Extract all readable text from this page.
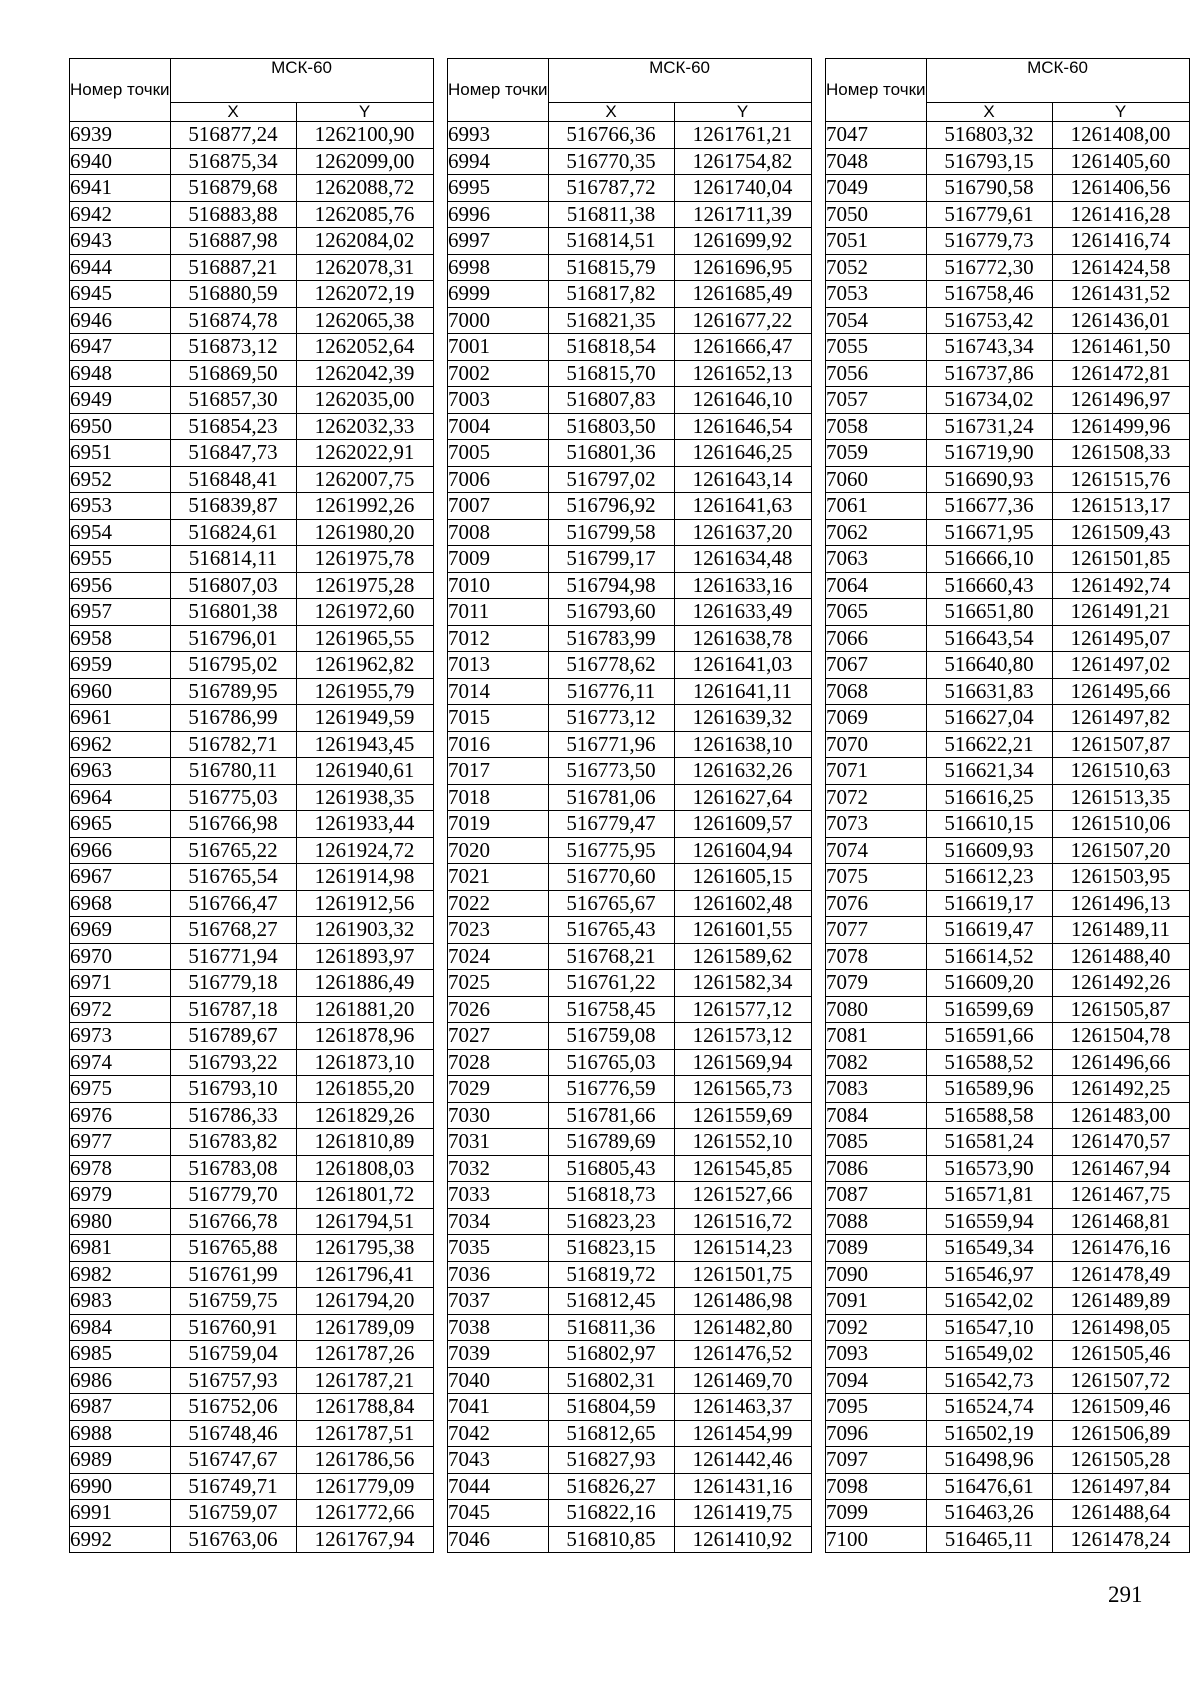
Номер точки	МСК-60	
	X	Y
6939	516877,24	1262100,90
6940	516875,34	1262099,00
6941	516879,68	1262088,72
6942	516883,88	1262085,76
6943	516887,98	1262084,02
6944	516887,21	1262078,31
6945	516880,59	1262072,19
6946	516874,78	1262065,38
6947	516873,12	1262052,64
6948	516869,50	1262042,39
6949	516857,30	1262035,00
6950	516854,23	1262032,33
6951	516847,73	1262022,91
6952	516848,41	1262007,75
6953	516839,87	1261992,26
6954	516824,61	1261980,20
6955	516814,11	1261975,78
6956	516807,03	1261975,28
6957	516801,38	1261972,60
6958	516796,01	1261965,55
6959	516795,02	1261962,82
6960	516789,95	1261955,79
6961	516786,99	1261949,59
6962	516782,71	1261943,45
6963	516780,11	1261940,61
6964	516775,03	1261938,35
6965	516766,98	1261933,44
6966	516765,22	1261924,72
6967	516765,54	1261914,98
6968	516766,47	1261912,56
6969	516768,27	1261903,32
6970	516771,94	1261893,97
6971	516779,18	1261886,49
6972	516787,18	1261881,20
6973	516789,67	1261878,96
6974	516793,22	1261873,10
6975	516793,10	1261855,20
6976	516786,33	1261829,26
6977	516783,82	1261810,89
6978	516783,08	1261808,03
6979	516779,70	1261801,72
6980	516766,78	1261794,51
6981	516765,88	1261795,38
6982	516761,99	1261796,41
6983	516759,75	1261794,20
6984	516760,91	1261789,09
6985	516759,04	1261787,26
6986	516757,93	1261787,21
6987	516752,06	1261788,84
6988	516748,46	1261787,51
6989	516747,67	1261786,56
6990	516749,71	1261779,09
6991	516759,07	1261772,66
6992	516763,06	1261767,94
Номер точки	МСК-60	
	X	Y
6993	516766,36	1261761,21
6994	516770,35	1261754,82
6995	516787,72	1261740,04
6996	516811,38	1261711,39
6997	516814,51	1261699,92
6998	516815,79	1261696,95
6999	516817,82	1261685,49
7000	516821,35	1261677,22
7001	516818,54	1261666,47
7002	516815,70	1261652,13
7003	516807,83	1261646,10
7004	516803,50	1261646,54
7005	516801,36	1261646,25
7006	516797,02	1261643,14
7007	516796,92	1261641,63
7008	516799,58	1261637,20
7009	516799,17	1261634,48
7010	516794,98	1261633,16
7011	516793,60	1261633,49
7012	516783,99	1261638,78
7013	516778,62	1261641,03
7014	516776,11	1261641,11
7015	516773,12	1261639,32
7016	516771,96	1261638,10
7017	516773,50	1261632,26
7018	516781,06	1261627,64
7019	516779,47	1261609,57
7020	516775,95	1261604,94
7021	516770,60	1261605,15
7022	516765,67	1261602,48
7023	516765,43	1261601,55
7024	516768,21	1261589,62
7025	516761,22	1261582,34
7026	516758,45	1261577,12
7027	516759,08	1261573,12
7028	516765,03	1261569,94
7029	516776,59	1261565,73
7030	516781,66	1261559,69
7031	516789,69	1261552,10
7032	516805,43	1261545,85
7033	516818,73	1261527,66
7034	516823,23	1261516,72
7035	516823,15	1261514,23
7036	516819,72	1261501,75
7037	516812,45	1261486,98
7038	516811,36	1261482,80
7039	516802,97	1261476,52
7040	516802,31	1261469,70
7041	516804,59	1261463,37
7042	516812,65	1261454,99
7043	516827,93	1261442,46
7044	516826,27	1261431,16
7045	516822,16	1261419,75
7046	516810,85	1261410,92
Номер точки	МСК-60	
	X	Y
7047	516803,32	1261408,00
7048	516793,15	1261405,60
7049	516790,58	1261406,56
7050	516779,61	1261416,28
7051	516779,73	1261416,74
7052	516772,30	1261424,58
7053	516758,46	1261431,52
7054	516753,42	1261436,01
7055	516743,34	1261461,50
7056	516737,86	1261472,81
7057	516734,02	1261496,97
7058	516731,24	1261499,96
7059	516719,90	1261508,33
7060	516690,93	1261515,76
7061	516677,36	1261513,17
7062	516671,95	1261509,43
7063	516666,10	1261501,85
7064	516660,43	1261492,74
7065	516651,80	1261491,21
7066	516643,54	1261495,07
7067	516640,80	1261497,02
7068	516631,83	1261495,66
7069	516627,04	1261497,82
7070	516622,21	1261507,87
7071	516621,34	1261510,63
7072	516616,25	1261513,35
7073	516610,15	1261510,06
7074	516609,93	1261507,20
7075	516612,23	1261503,95
7076	516619,17	1261496,13
7077	516619,47	1261489,11
7078	516614,52	1261488,40
7079	516609,20	1261492,26
7080	516599,69	1261505,87
7081	516591,66	1261504,78
7082	516588,52	1261496,66
7083	516589,96	1261492,25
7084	516588,58	1261483,00
7085	516581,24	1261470,57
7086	516573,90	1261467,94
7087	516571,81	1261467,75
7088	516559,94	1261468,81
7089	516549,34	1261476,16
7090	516546,97	1261478,49
7091	516542,02	1261489,89
7092	516547,10	1261498,05
7093	516549,02	1261505,46
7094	516542,73	1261507,72
7095	516524,74	1261509,46
7096	516502,19	1261506,89
7097	516498,96	1261505,28
7098	516476,61	1261497,84
7099	516463,26	1261488,64
7100	516465,11	1261478,24
291
